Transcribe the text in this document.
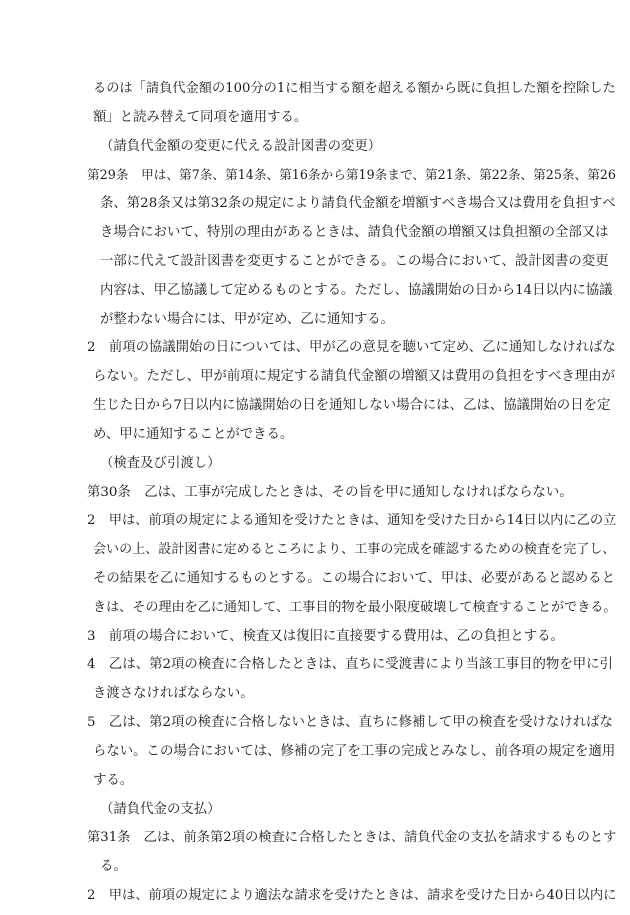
るのは「請負代金額の100分の1に相当する額を超える額から既に負担した額を控除した
額」と読み替えて同項を適用する。
（請負代金額の変更に代える設計図書の変更）
第29条　甲は、第7条、第14条、第16条から第19条まで、第21条、第22条、第25条、第26
条、第28条又は第32条の規定により請負代金額を増額すべき場合又は費用を負担すべ
き場合において、特別の理由があるときは、請負代金額の増額又は負担額の全部又は
一部に代えて設計図書を変更することができる。この場合において、設計図書の変更
内容は、甲乙協議して定めるものとする。ただし、協議開始の日から14日以内に協議
が整わない場合には、甲が定め、乙に通知する。
2　前項の協議開始の日については、甲が乙の意見を聴いて定め、乙に通知しなければな
らない。ただし、甲が前項に規定する請負代金額の増額又は費用の負担をすべき理由が
生じた日から7日以内に協議開始の日を通知しない場合には、乙は、協議開始の日を定
め、甲に通知することができる。
（検査及び引渡し）
第30条　乙は、工事が完成したときは、その旨を甲に通知しなければならない。
2　甲は、前項の規定による通知を受けたときは、通知を受けた日から14日以内に乙の立
会いの上、設計図書に定めるところにより、工事の完成を確認するための検査を完了し、
その結果を乙に通知するものとする。この場合において、甲は、必要があると認めると
きは、その理由を乙に通知して、工事目的物を最小限度破壊して検査することができる。
3　前項の場合において、検査又は復旧に直接要する費用は、乙の負担とする。
4　乙は、第2項の検査に合格したときは、直ちに受渡書により当該工事目的物を甲に引
き渡さなければならない。
5　乙は、第2項の検査に合格しないときは、直ちに修補して甲の検査を受けなければな
らない。この場合においては、修補の完了を工事の完成とみなし、前各項の規定を適用
する。
（請負代金の支払）
第31条　乙は、前条第2項の検査に合格したときは、請負代金の支払を請求するものとす
る。
2　甲は、前項の規定により適法な請求を受けたときは、請求を受けた日から40日以内に
